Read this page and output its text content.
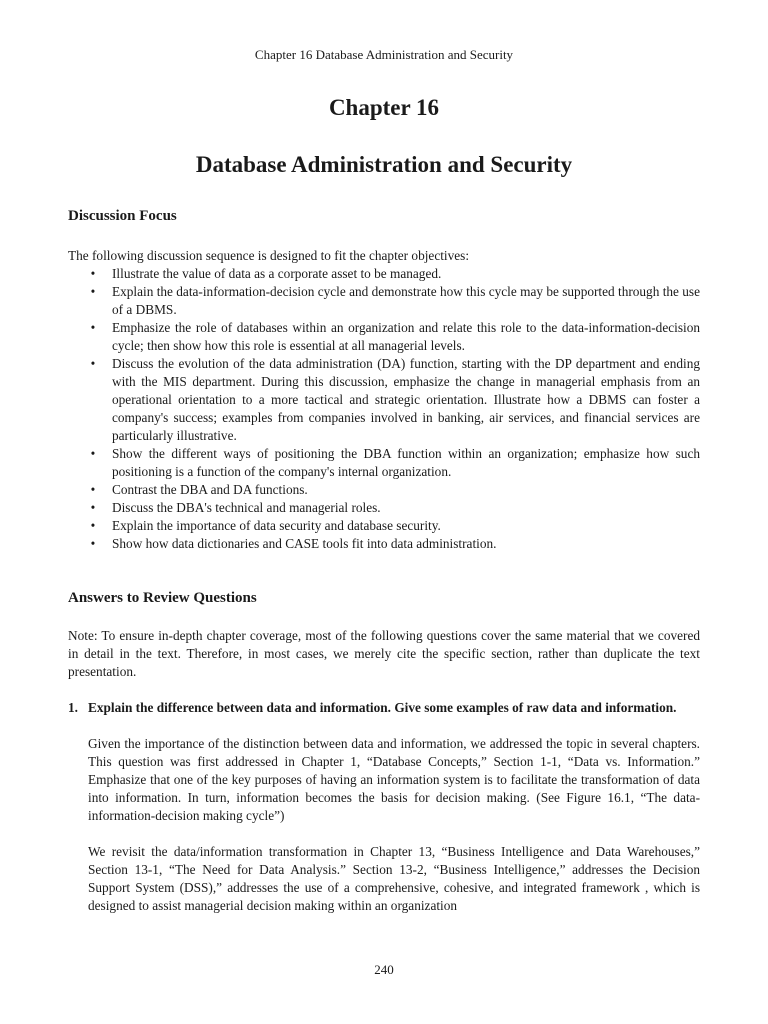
Chapter 16 Database Administration and Security
Chapter 16
Database Administration and Security
Discussion Focus

The following discussion sequence is designed to fit the chapter objectives:

• Illustrate the value of data as a corporate asset to be managed.
• Explain the data-information-decision cycle and demonstrate how this cycle may be supported through the use of a DBMS.
• Emphasize the role of databases within an organization and relate this role to the data-information-decision cycle; then show how this role is essential at all managerial levels.
• Discuss the evolution of the data administration (DA) function, starting with the DP department and ending with the MIS department. During this discussion, emphasize the change in managerial emphasis from an operational orientation to a more tactical and strategic orientation. Illustrate how a DBMS can foster a company's success; examples from companies involved in banking, air services, and financial services are particularly illustrative.
• Show the different ways of positioning the DBA function within an organization; emphasize how such positioning is a function of the company's internal organization.
• Contrast the DBA and DA functions.
• Discuss the DBA's technical and managerial roles.
• Explain the importance of data security and database security.
• Show how data dictionaries and CASE tools fit into data administration.
Answers to Review Questions

Note: To ensure in-depth chapter coverage, most of the following questions cover the same material that we covered in detail in the text. Therefore, in most cases, we merely cite the specific section, rather than duplicate the text presentation.

1. Explain the difference between data and information. Give some examples of raw data and information.

Given the importance of the distinction between data and information, we addressed the topic in several chapters. This question was first addressed in Chapter 1, “Database Concepts,” Section 1-1, “Data vs. Information.” Emphasize that one of the key purposes of having an information system is to facilitate the transformation of data into information. In turn, information becomes the basis for decision making. (See Figure 16.1, “The data-information-decision making cycle”)

We revisit the data/information transformation in Chapter 13, “Business Intelligence and Data Warehouses,” Section 13-1, “The Need for Data Analysis.” Section 13-2, “Business Intelligence,” addresses the Decision Support System (DSS),” addresses the use of a comprehensive, cohesive, and integrated framework , which is designed to assist managerial decision making within an organization

240
